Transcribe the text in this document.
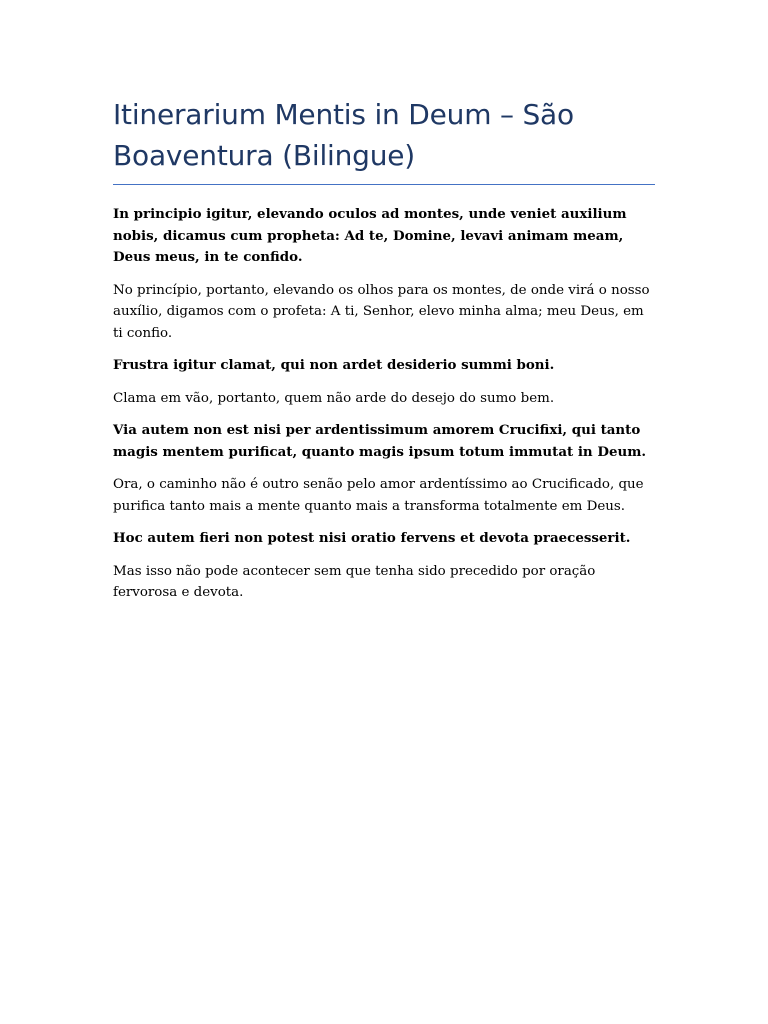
Itinerarium Mentis in Deum – São Boaventura (Bilingue)

In principio igitur, elevando oculos ad montes, unde veniet auxilium nobis, dicamus cum propheta: Ad te, Domine, levavi animam meam, Deus meus, in te confido.

No princípio, portanto, elevando os olhos para os montes, de onde virá o nosso auxílio, digamos com o profeta: A ti, Senhor, elevo minha alma; meu Deus, em ti confio.

Frustra igitur clamat, qui non ardet desiderio summi boni.

Clama em vão, portanto, quem não arde do desejo do sumo bem.

Via autem non est nisi per ardentissimum amorem Crucifixi, qui tanto magis mentem purificat, quanto magis ipsum totum immutat in Deum.

Ora, o caminho não é outro senão pelo amor ardentíssimo ao Crucificado, que purifica tanto mais a mente quanto mais a transforma totalmente em Deus.

Hoc autem fieri non potest nisi oratio fervens et devota praecesserit.

Mas isso não pode acontecer sem que tenha sido precedido por oração fervorosa e devota.
